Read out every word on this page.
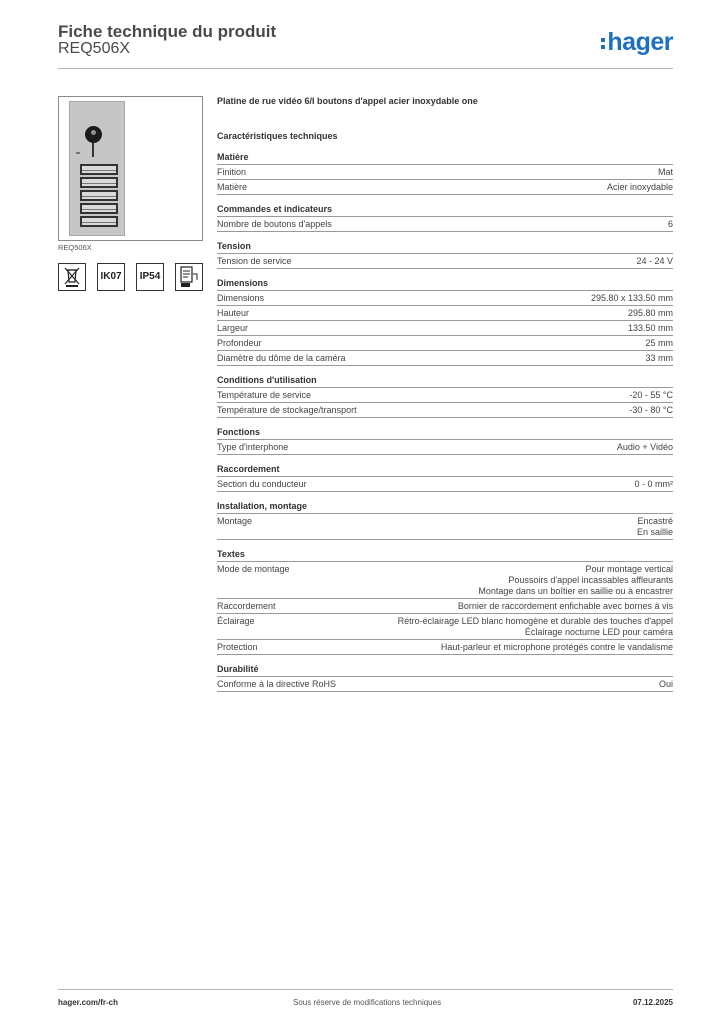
Fiche technique du produit
REQ506X	hager
REQ506X
IK07	IP54
Platine de rue vidéo 6/I boutons d'appel acier inoxydable one
Caractéristiques techniques
Matière
Finition	Mat
Matière	Acier inoxydable
Commandes et indicateurs
Nombre de boutons d'appels	6
Tension
Tension de service	24 - 24 V
Dimensions
Dimensions	295.80 x 133.50 mm
Hauteur	295.80 mm
Largeur	133.50 mm
Profondeur	25 mm
Diamètre du dôme de la caméra	33 mm
Conditions d'utilisation
Température de service	-20 - 55 °C
Température de stockage/transport	-30 - 80 °C
Fonctions
Type d'interphone	Audio + Vidéo
Raccordement
Section du conducteur	0 - 0 mm²
Installation, montage
Montage	Encastré
En saillie
Textes
Mode de montage	Pour montage vertical
Poussoirs d'appel incassables affleurants
Montage dans un boîtier en saillie ou à encastrer
Raccordement	Bornier de raccordement enfichable avec bornes à vis
Éclairage	Rétro-éclairage LED blanc homogène et durable des touches d'appel
Éclairage nocturne LED pour caméra
Protection	Haut-parleur et microphone protégés contre le vandalisme
Durabilité
Conforme à la directive RoHS	Oui
hager.com/fr-ch	Sous réserve de modifications techniques	07.12.2025
